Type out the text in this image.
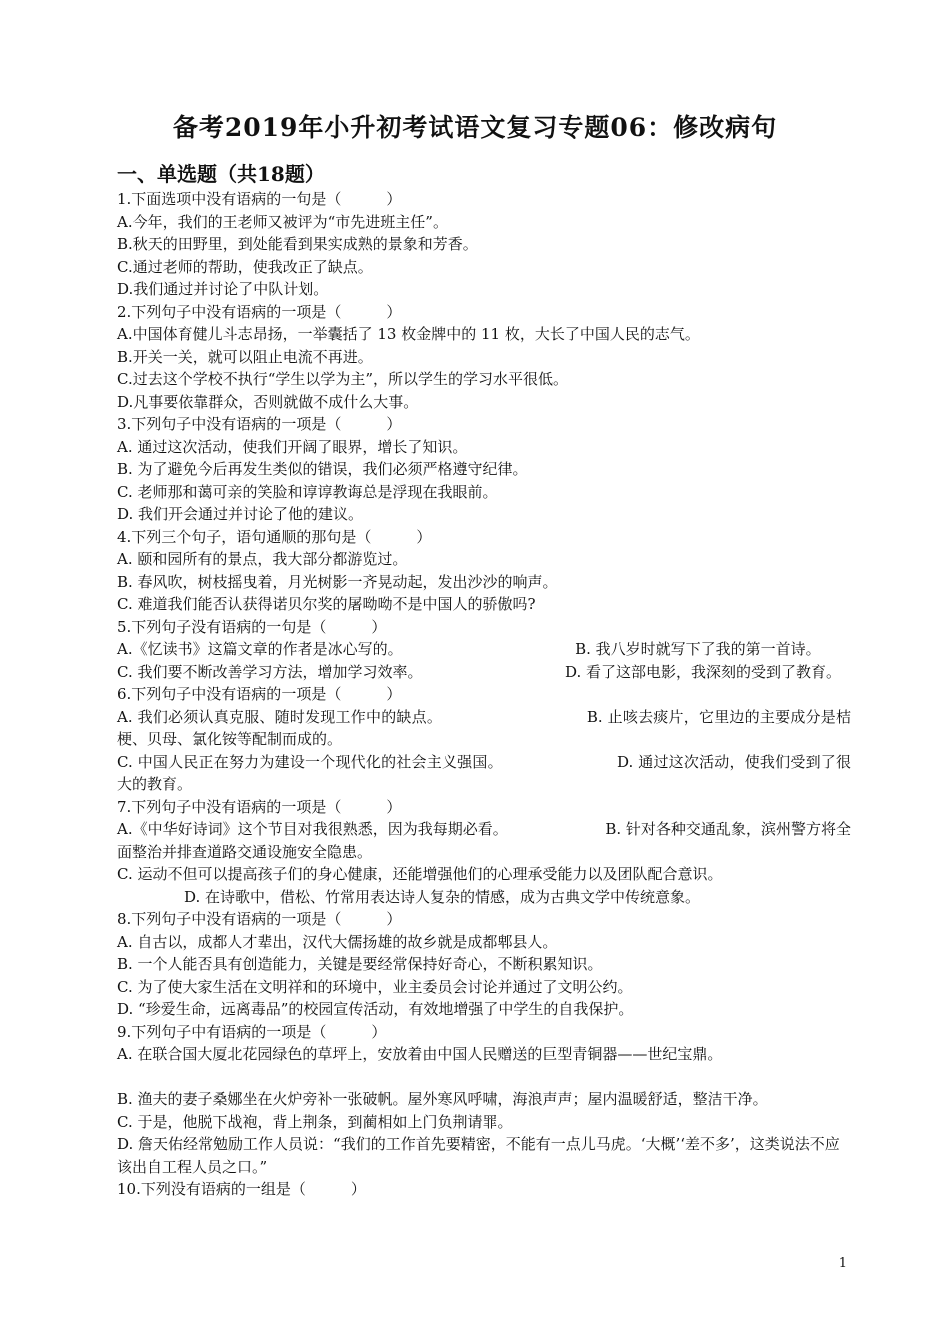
备考2019年小升初考试语文复习专题06：修改病句
一、单选题（共18题）
1.下面选项中没有语病的一句是（　　　）
A.今年，我们的王老师又被评为“市先进班主任”。
B.秋天的田野里，到处能看到果实成熟的景象和芳香。
C.通过老师的帮助，使我改正了缺点。
D.我们通过并讨论了中队计划。
2.下列句子中没有语病的一项是（　　　）
A.中国体育健儿斗志昂扬，一举囊括了 13 枚金牌中的 11 枚，大长了中国人民的志气。
B.开关一关，就可以阻止电流不再进。
C.过去这个学校不执行“学生以学为主”，所以学生的学习水平很低。
D.凡事要依靠群众，否则就做不成什么大事。
3.下列句子中没有语病的一项是（　　　）
A. 通过这次活动，使我们开阔了眼界，增长了知识。
B. 为了避免今后再发生类似的错误，我们必须严格遵守纪律。
C. 老师那和蔼可亲的笑脸和谆谆教诲总是浮现在我眼前。
D. 我们开会通过并讨论了他的建议。
4.下列三个句子，语句通顺的那句是（　　　）
A. 颐和园所有的景点，我大部分都游览过。
B. 春风吹，树枝摇曳着，月光树影一齐晃动起，发出沙沙的响声。
C. 难道我们能否认获得诺贝尔奖的屠呦呦不是中国人的骄傲吗?
5.下列句子没有语病的一句是（　　　）
A.《忆读书》这篇文章的作者是冰心写的。　　　　　　　　　　　　B. 我八岁时就写下了我的第一首诗。
C. 我们要不断改善学习方法，增加学习效率。　　　　　　　　　　D. 看了这部电影，我深刻的受到了教育。
6.下列句子中没有语病的一项是（　　　）
A. 我们必须认真克服、随时发现工作中的缺点。　　　　　　　　　　B. 止咳去痰片，它里边的主要成分是桔梗、贝母、氯化铵等配制而成的。
C. 中国人民正在努力为建设一个现代化的社会主义强国。　　　　　　　　D. 通过这次活动，使我们受到了很大的教育。
7.下列句子中没有语病的一项是（　　　）
A.《中华好诗词》这个节目对我很熟悉，因为我每期必看。　　　　　　　B. 针对各种交通乱象，滨州警方将全面整治并排查道路交通设施安全隐患。
C. 运动不但可以提高孩子们的身心健康，还能增强他们的心理承受能力以及团队配合意识。
D. 在诗歌中，借松、竹常用表达诗人复杂的情感，成为古典文学中传统意象。
8.下列句子中没有语病的一项是（　　　）
A. 自古以，成都人才辈出，汉代大儒扬雄的故乡就是成都郫县人。
B. 一个人能否具有创造能力，关键是要经常保持好奇心，不断积累知识。
C. 为了使大家生活在文明祥和的环境中，业主委员会讨论并通过了文明公约。
D. “珍爱生命，远离毒品”的校园宣传活动，有效地增强了中学生的自我保护。
9.下列句子中有语病的一项是（　　　）
A. 在联合国大厦北花园绿色的草坪上，安放着由中国人民赠送的巨型青铜器——世纪宝鼎。
B. 渔夫的妻子桑娜坐在火炉旁补一张破帆。屋外寒风呼啸，海浪声声；屋内温暖舒适，整洁干净。
C. 于是，他脱下战袍，背上荆条，到蔺相如上门负荆请罪。
D. 詹天佑经常勉励工作人员说：“我们的工作首先要精密，不能有一点儿马虎。‘大概’‘差不多’，这类说法不应该出自工程人员之口。”
10.下列没有语病的一组是（　　　）
1
